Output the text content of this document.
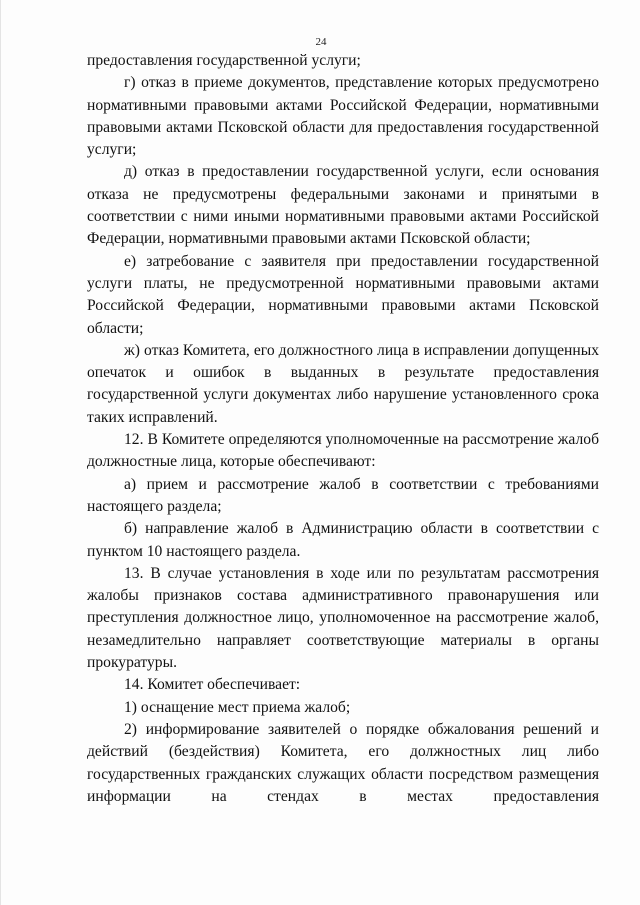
24

предоставления государственной услуги;

г) отказ в приеме документов, представление которых предусмотрено нормативными правовыми актами Российской Федерации, нормативными правовыми актами Псковской области для предоставления государственной услуги;

д) отказ в предоставлении государственной услуги, если основания отказа не предусмотрены федеральными законами и принятыми в соответствии с ними иными нормативными правовыми актами Российской Федерации, нормативными правовыми актами Псковской области;

е) затребование с заявителя при предоставлении государственной услуги платы, не предусмотренной нормативными правовыми актами Российской Федерации, нормативными правовыми актами Псковской области;

ж) отказ Комитета, его должностного лица в исправлении допущенных опечаток и ошибок в выданных в результате предоставления государственной услуги документах либо нарушение установленного срока таких исправлений.

12. В Комитете определяются уполномоченные на рассмотрение жалоб должностные лица, которые обеспечивают:

а) прием и рассмотрение жалоб в соответствии с требованиями настоящего раздела;

б) направление жалоб в Администрацию области в соответствии с пунктом 10 настоящего раздела.

13. В случае установления в ходе или по результатам рассмотрения жалобы признаков состава административного правонарушения или преступления должностное лицо, уполномоченное на рассмотрение жалоб, незамедлительно направляет соответствующие материалы в органы прокуратуры.

14. Комитет обеспечивает:

1) оснащение мест приема жалоб;

2) информирование заявителей о порядке обжалования решений и действий (бездействия) Комитета, его должностных лиц либо государственных гражданских служащих области посредством размещения информации на стендах в местах предоставления
